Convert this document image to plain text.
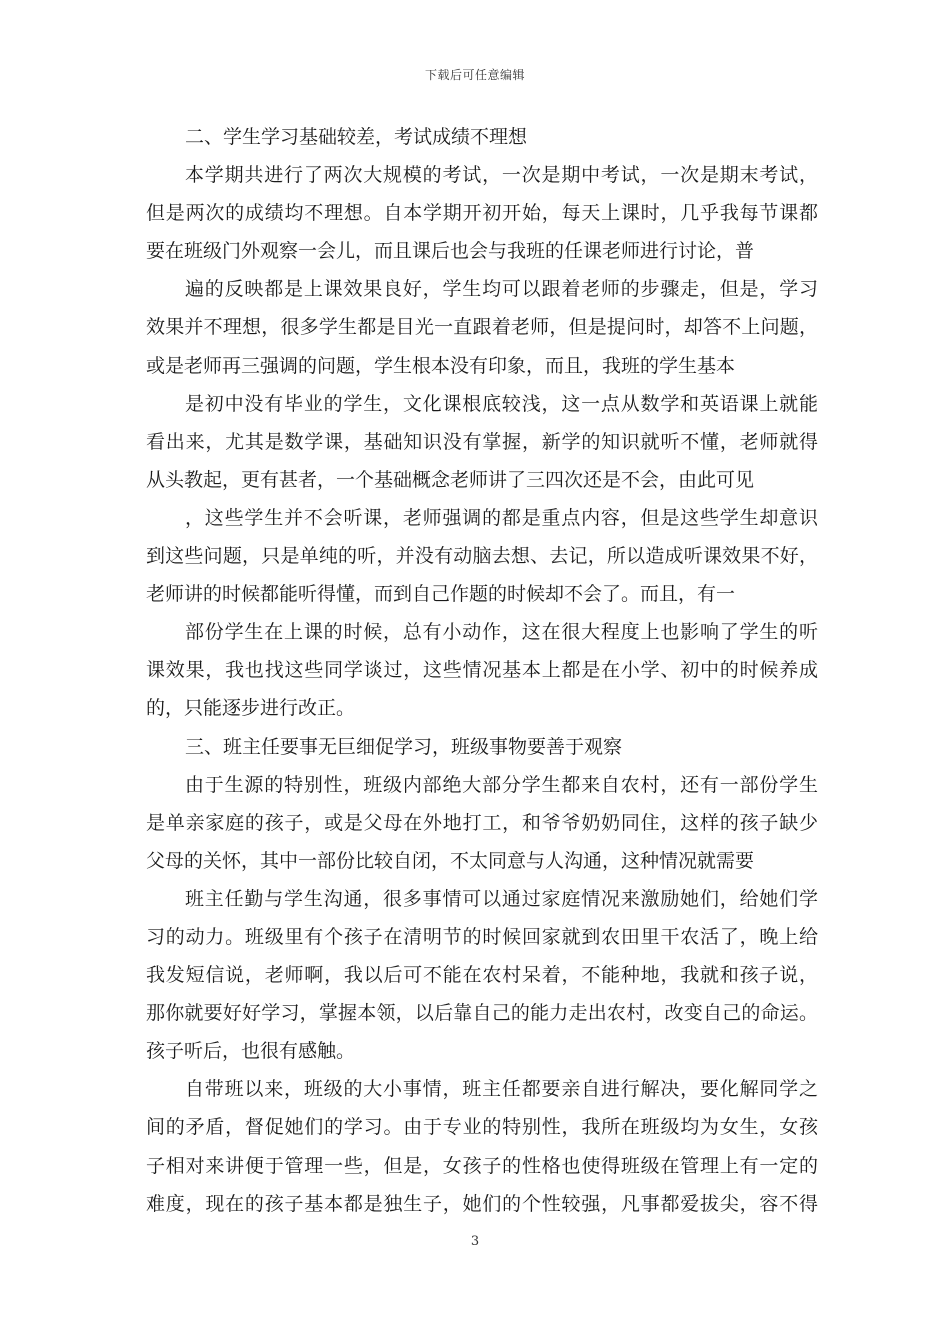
下载后可任意编辑
二、学生学习基础较差，考试成绩不理想
本学期共进行了两次大规模的考试，一次是期中考试，一次是期末考试，
但是两次的成绩均不理想。自本学期开初开始，每天上课时，几乎我每节课都
要在班级门外观察一会儿，而且课后也会与我班的任课老师进行讨论，普
遍的反映都是上课效果良好，学生均可以跟着老师的步骤走，但是，学习
效果并不理想，很多学生都是目光一直跟着老师，但是提问时，却答不上问题，
或是老师再三强调的问题，学生根本没有印象，而且，我班的学生基本
是初中没有毕业的学生，文化课根底较浅，这一点从数学和英语课上就能
看出来，尤其是数学课，基础知识没有掌握，新学的知识就听不懂，老师就得
从头教起，更有甚者，一个基础概念老师讲了三四次还是不会，由此可见
，这些学生并不会听课，老师强调的都是重点内容，但是这些学生却意识
到这些问题，只是单纯的听，并没有动脑去想、去记，所以造成听课效果不好，
老师讲的时候都能听得懂，而到自己作题的时候却不会了。而且，有一
部份学生在上课的时候，总有小动作，这在很大程度上也影响了学生的听
课效果，我也找这些同学谈过，这些情况基本上都是在小学、初中的时候养成
的，只能逐步进行改正。
三、班主任要事无巨细促学习，班级事物要善于观察
由于生源的特别性，班级内部绝大部分学生都来自农村，还有一部份学生
是单亲家庭的孩子，或是父母在外地打工，和爷爷奶奶同住，这样的孩子缺少
父母的关怀，其中一部份比较自闭，不太同意与人沟通，这种情况就需要
班主任勤与学生沟通，很多事情可以通过家庭情况来激励她们，给她们学
习的动力。班级里有个孩子在清明节的时候回家就到农田里干农活了，晚上给
我发短信说，老师啊，我以后可不能在农村呆着，不能种地，我就和孩子说，
那你就要好好学习，掌握本领，以后靠自己的能力走出农村，改变自己的命运。
孩子听后，也很有感触。
自带班以来，班级的大小事情，班主任都要亲自进行解决，要化解同学之
间的矛盾，督促她们的学习。由于专业的特别性，我所在班级均为女生，女孩
子相对来讲便于管理一些，但是，女孩子的性格也使得班级在管理上有一定的
难度，现在的孩子基本都是独生子，她们的个性较强，凡事都爱拔尖，容不得
3
